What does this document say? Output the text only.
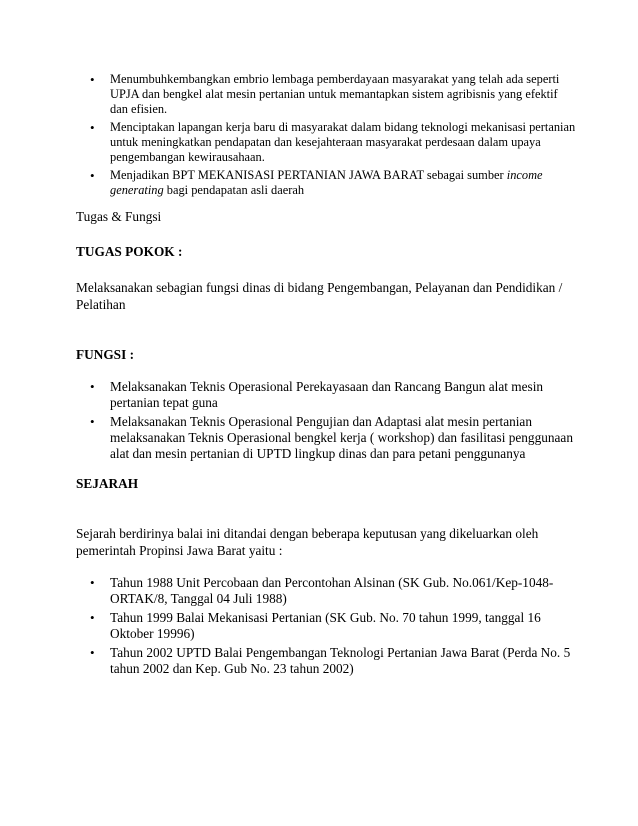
• Menumbuhkembangkan embrio lembaga pemberdayaan masyarakat yang telah ada seperti UPJA dan bengkel alat mesin pertanian untuk memantapkan sistem agribisnis yang efektif dan efisien.
• Menciptakan lapangan kerja baru di masyarakat dalam bidang teknologi mekanisasi pertanian untuk meningkatkan pendapatan dan kesejahteraan masyarakat perdesaan dalam upaya pengembangan kewirausahaan.
• Menjadikan BPT MEKANISASI PERTANIAN JAWA BARAT sebagai sumber income generating bagi pendapatan asli daerah

Tugas & Fungsi

TUGAS POKOK :

Melaksanakan sebagian fungsi dinas di bidang Pengembangan, Pelayanan dan Pendidikan / Pelatihan

FUNGSI :

• Melaksanakan Teknis Operasional Perekayasaan dan Rancang Bangun alat mesin pertanian tepat guna
• Melaksanakan Teknis Operasional Pengujian dan Adaptasi alat mesin pertanian melaksanakan Teknis Operasional bengkel kerja ( workshop) dan fasilitasi penggunaan alat dan mesin pertanian di UPTD lingkup dinas dan para petani penggunanya

SEJARAH

Sejarah berdirinya balai ini ditandai dengan beberapa keputusan yang dikeluarkan oleh pemerintah Propinsi Jawa Barat yaitu :

• Tahun 1988 Unit Percobaan dan Percontohan Alsinan (SK Gub. No.061/Kep-1048-ORTAK/8, Tanggal 04 Juli 1988)
• Tahun 1999 Balai Mekanisasi Pertanian (SK Gub. No. 70 tahun 1999, tanggal 16 Oktober 19996)
• Tahun 2002 UPTD Balai Pengembangan Teknologi Pertanian Jawa Barat (Perda No. 5 tahun 2002 dan Kep. Gub No. 23 tahun 2002)
